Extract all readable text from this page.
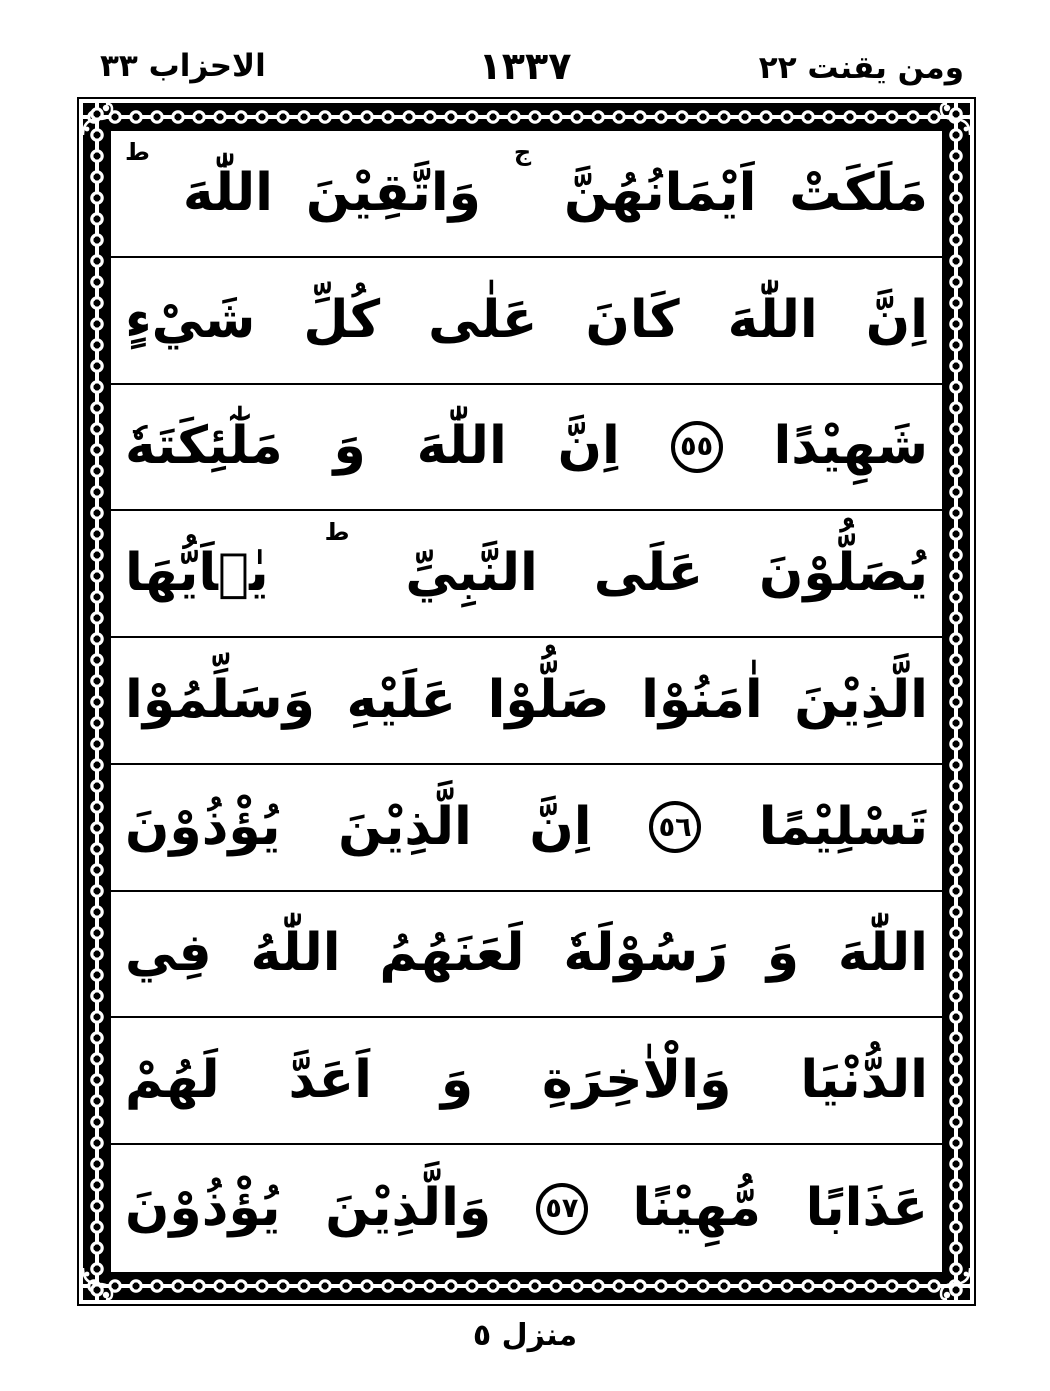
الاحزاب ٣٣	١٣٣٧	ومن يقنت ٢٢
مَلَكَتْ
اَيْمَانُهُنَّ
ج
وَاتَّقِيْنَ
اللّٰهَ
ط
اِنَّ
اللّٰهَ
كَانَ
عَلٰى
كُلِّ
شَيْءٍ
شَهِيْدًا
٥٥
اِنَّ
اللّٰهَ
وَ
مَلٰٓئِكَتَهٗ
يُصَلُّوْنَ
عَلَى
النَّبِيِّ
ط
يٰۤاَيُّهَا
الَّذِيْنَ
اٰمَنُوْا
صَلُّوْا
عَلَيْهِ
وَسَلِّمُوْا
تَسْلِيْمًا
٥٦
اِنَّ
الَّذِيْنَ
يُؤْذُوْنَ
اللّٰهَ
وَ
رَسُوْلَهٗ
لَعَنَهُمُ
اللّٰهُ
فِي
الدُّنْيَا
وَالْاٰخِرَةِ
وَ
اَعَدَّ
لَهُمْ
عَذَابًا
مُّهِيْنًا
٥٧
وَالَّذِيْنَ
يُؤْذُوْنَ
منزل ٥
